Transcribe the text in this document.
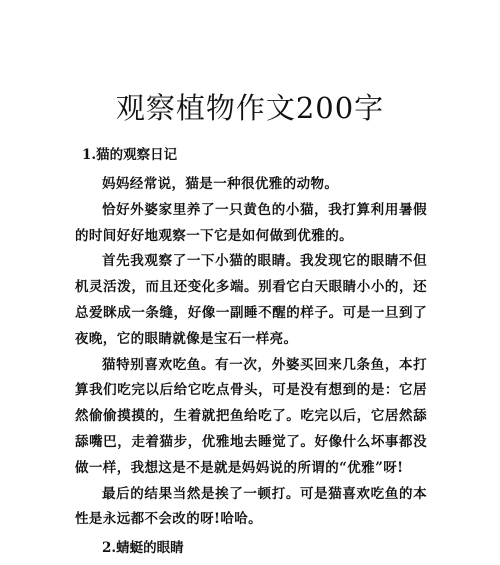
观察植物作文200字
1.猫的观察日记

妈妈经常说，猫是一种很优雅的动物。

恰好外婆家里养了一只黄色的小猫，我打算利用暑假的时间好好地观察一下它是如何做到优雅的。

首先我观察了一下小猫的眼睛。我发现它的眼睛不但机灵活泼，而且还变化多端。别看它白天眼睛小小的，还总爱眯成一条缝，好像一副睡不醒的样子。可是一旦到了夜晚，它的眼睛就像是宝石一样亮。

猫特别喜欢吃鱼。有一次，外婆买回来几条鱼，本打算我们吃完以后给它吃点骨头，可是没有想到的是：它居然偷偷摸摸的，生着就把鱼给吃了。吃完以后，它居然舔舔嘴巴，走着猫步，优雅地去睡觉了。好像什么坏事都没做一样，我想这是不是就是妈妈说的所谓的“优雅”呀!

最后的结果当然是挨了一顿打。可是猫喜欢吃鱼的本性是永远都不会改的呀!哈哈。

2.蜻蜓的眼睛
